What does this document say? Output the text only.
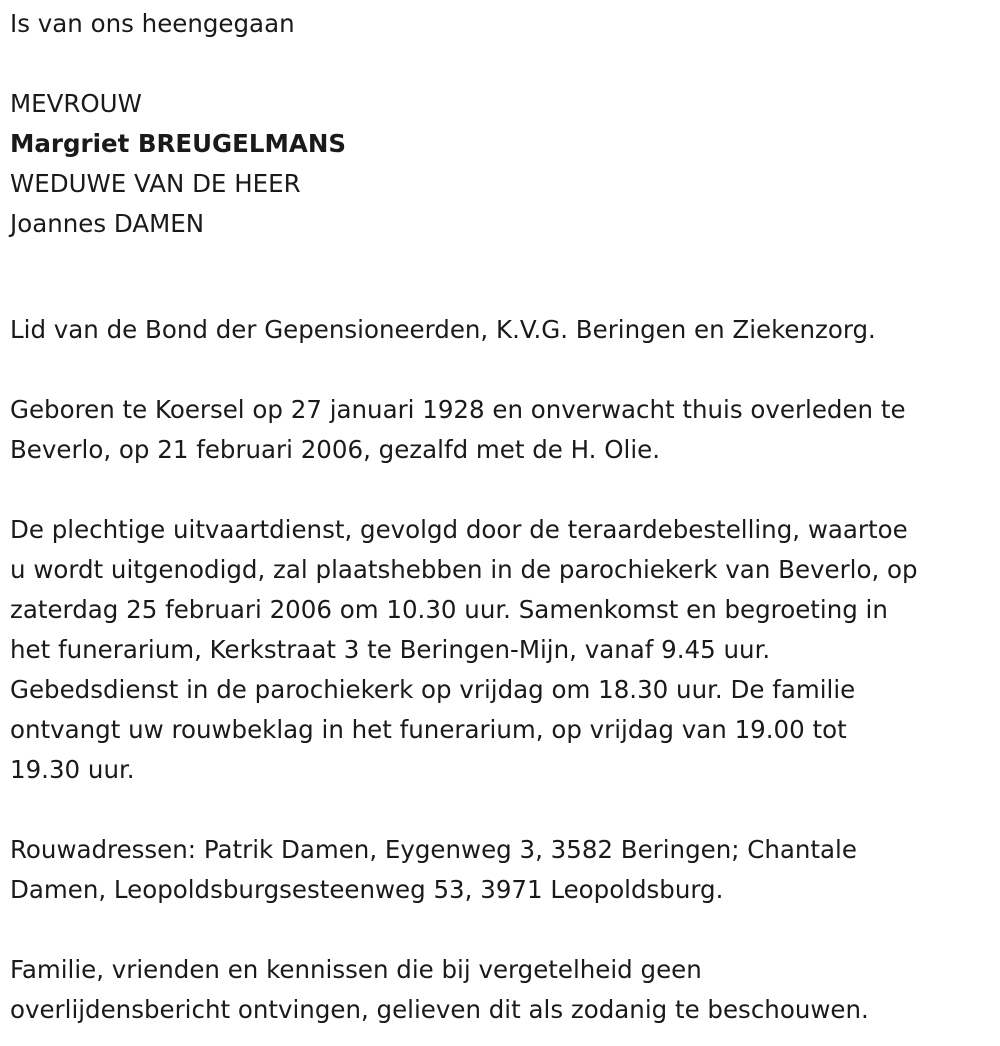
Is van ons heengegaan

MEVROUW

Margriet BREUGELMANS

WEDUWE VAN DE HEER

Joannes DAMEN

Lid van de Bond der Gepensioneerden, K.V.G. Beringen en Ziekenzorg.

Geboren te Koersel op 27 januari 1928 en onverwacht thuis overleden te

Beverlo, op 21 februari 2006, gezalfd met de H. Olie.

De plechtige uitvaartdienst, gevolgd door de teraardebestelling, waartoe

u wordt uitgenodigd, zal plaatshebben in de parochiekerk van Beverlo, op

zaterdag 25 februari 2006 om 10.30 uur. Samenkomst en begroeting in

het funerarium, Kerkstraat 3 te Beringen-Mijn, vanaf 9.45 uur.

Gebedsdienst in de parochiekerk op vrijdag om 18.30 uur. De familie

ontvangt uw rouwbeklag in het funerarium, op vrijdag van 19.00 tot

19.30 uur.

Rouwadressen: Patrik Damen, Eygenweg 3, 3582 Beringen; Chantale

Damen, Leopoldsburgsesteenweg 53, 3971 Leopoldsburg.

Familie, vrienden en kennissen die bij vergetelheid geen

overlijdensbericht ontvingen, gelieven dit als zodanig te beschouwen.
